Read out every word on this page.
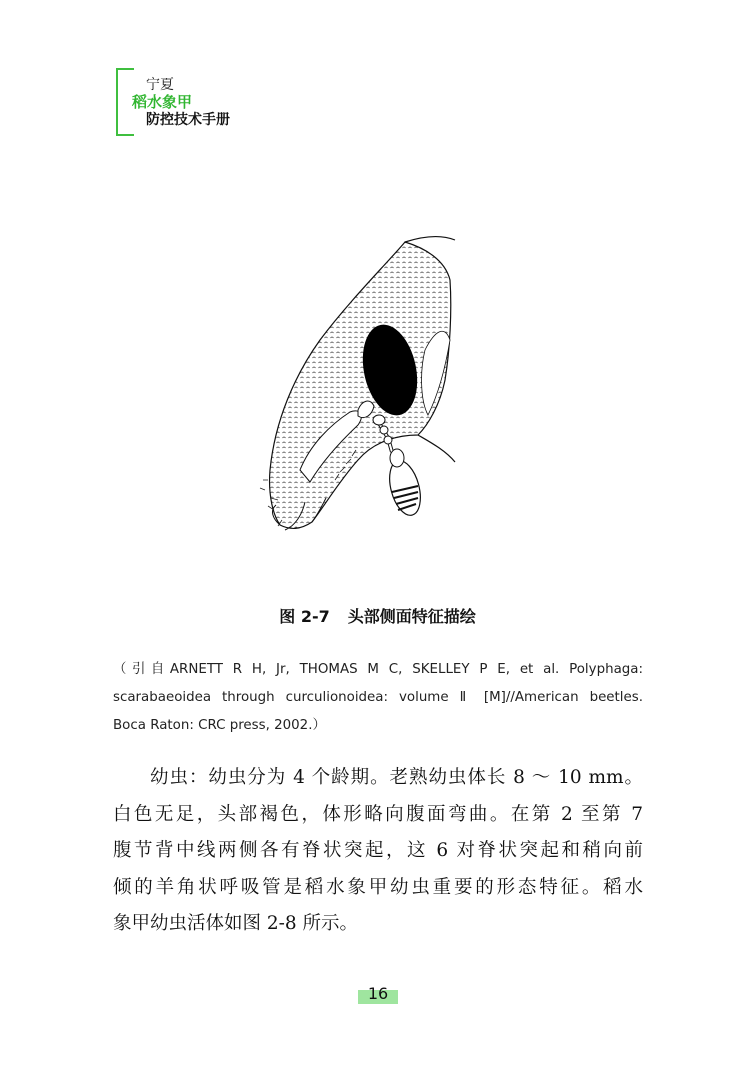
宁夏
稻水象甲
防控技术手册
图 2-7 头部侧面特征描绘
（引自ARNETT R H, Jr, THOMAS M C, SKELLEY P E, et al. Polyphaga:
scarabaeoidea through curculionoidea: volume Ⅱ [M]//American beetles.
Boca Raton: CRC press, 2002.）
幼虫：幼虫分为 4 个龄期。老熟幼虫体长 8 ～ 10 mm。
白色无足，头部褐色，体形略向腹面弯曲。在第 2 至第 7
腹节背中线两侧各有脊状突起，这 6 对脊状突起和稍向前
倾的羊角状呼吸管是稻水象甲幼虫重要的形态特征。稻水
象甲幼虫活体如图 2-8 所示。
16
